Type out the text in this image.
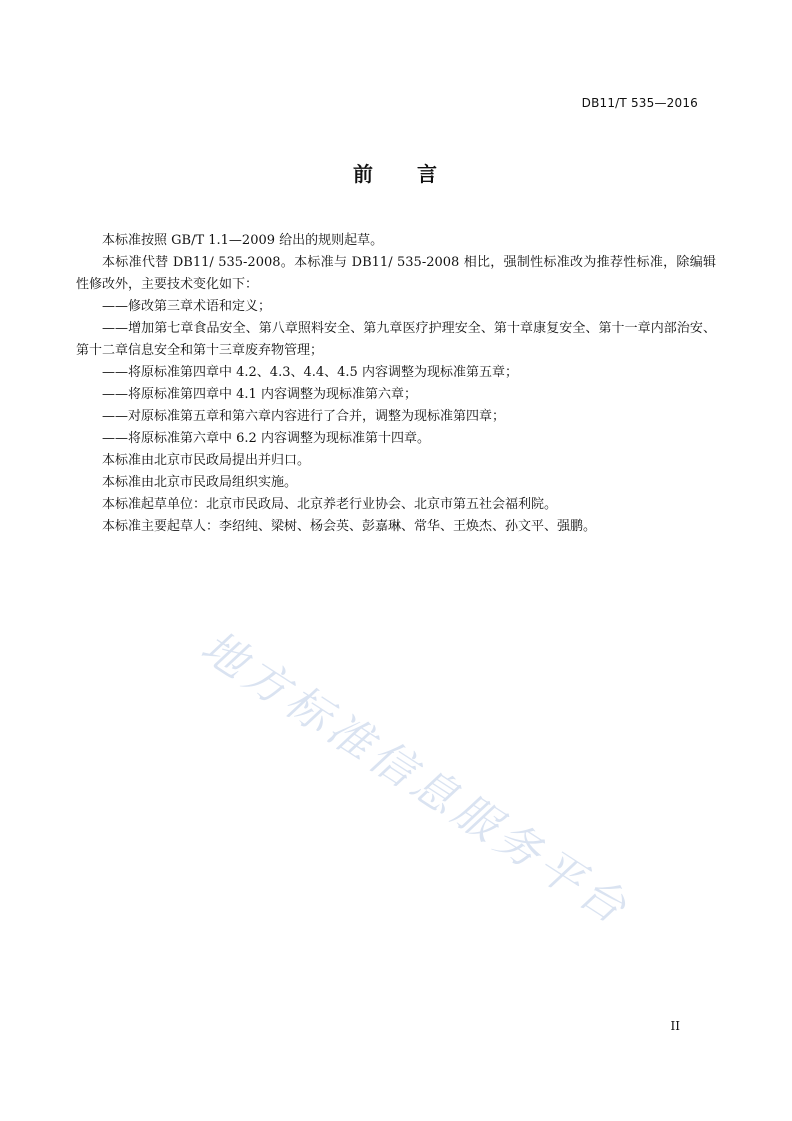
DB11/T 535—2016
前 言

本标准按照 GB/T 1.1—2009 给出的规则起草。

本标准代替 DB11/ 535-2008。本标准与 DB11/ 535-2008 相比，强制性标准改为推荐性标准，除编辑性修改外，主要技术变化如下：

——修改第三章术语和定义；

——增加第七章食品安全、第八章照料安全、第九章医疗护理安全、第十章康复安全、第十一章内部治安、第十二章信息安全和第十三章废弃物管理；

——将原标准第四章中 4.2、4.3、4.4、4.5 内容调整为现标准第五章；

——将原标准第四章中 4.1 内容调整为现标准第六章；

——对原标准第五章和第六章内容进行了合并，调整为现标准第四章；

——将原标准第六章中 6.2 内容调整为现标准第十四章。

本标准由北京市民政局提出并归口。

本标准由北京市民政局组织实施。

本标准起草单位：北京市民政局、北京养老行业协会、北京市第五社会福利院。

本标准主要起草人：李绍纯、梁树、杨会英、彭嘉琳、常华、王焕杰、孙文平、强鹏。

地方标准信息服务平台
II
